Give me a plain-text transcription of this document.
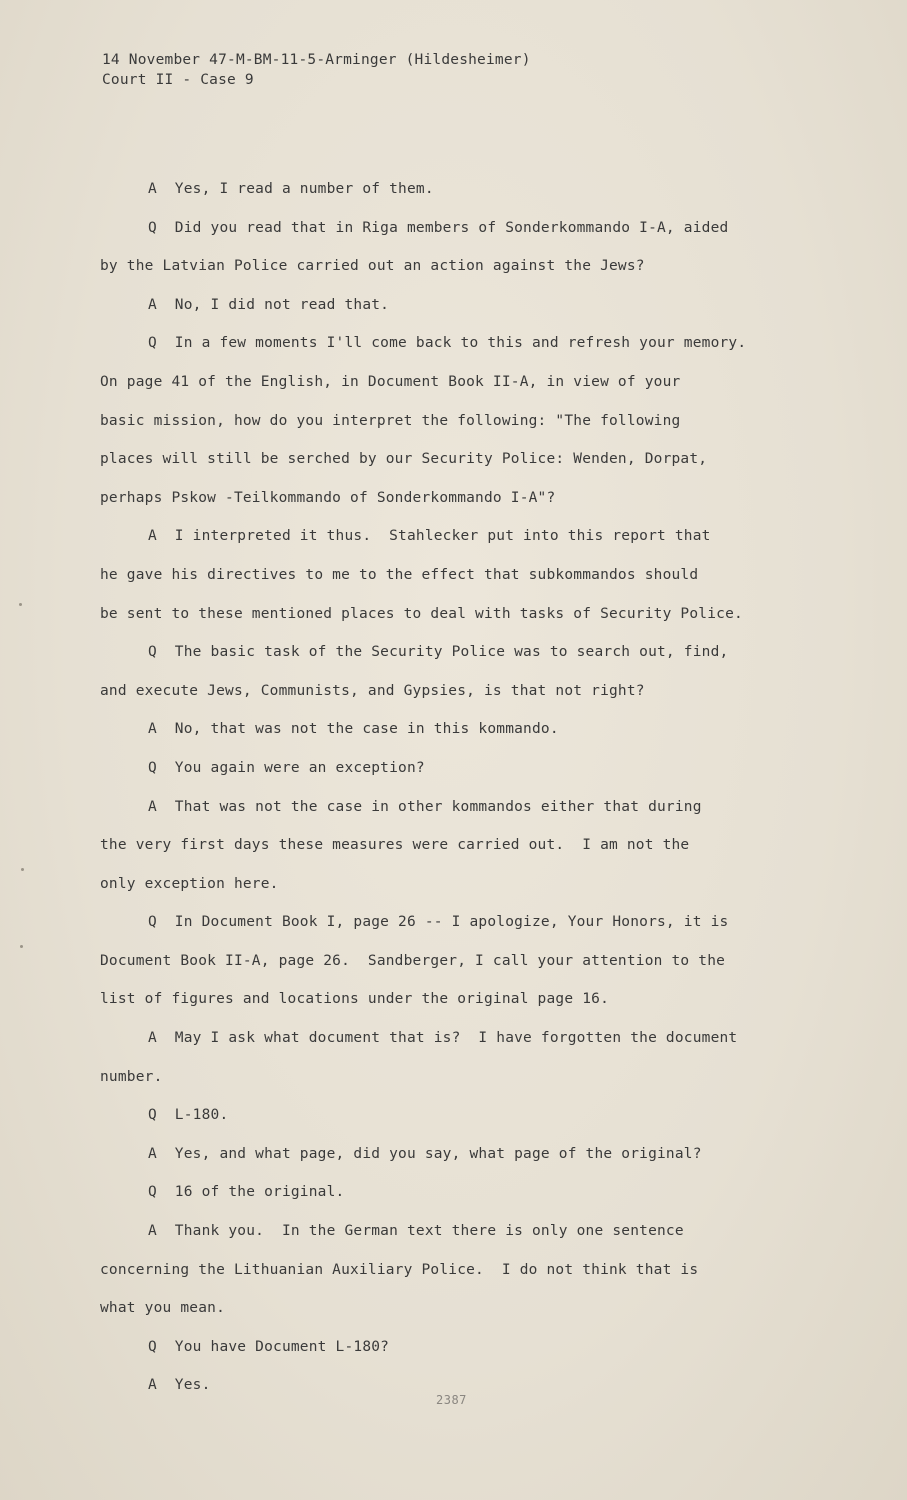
14 November 47-M-BM-11-5-Arminger (Hildesheimer)
Court II - Case 9
A  Yes, I read a number of them.
Q  Did you read that in Riga members of Sonderkommando I-A, aided
by the Latvian Police carried out an action against the Jews?
A  No, I did not read that.
Q  In a few moments I'll come back to this and refresh your memory.
On page 41 of the English, in Document Book II-A, in view of your
basic mission, how do you interpret the following: "The following
places will still be serched by our Security Police: Wenden, Dorpat,
perhaps Pskow -Teilkommando of Sonderkommando I-A"?
A  I interpreted it thus.  Stahlecker put into this report that
he gave his directives to me to the effect that subkommandos should
be sent to these mentioned places to deal with tasks of Security Police.
Q  The basic task of the Security Police was to search out, find,
and execute Jews, Communists, and Gypsies, is that not right?
A  No, that was not the case in this kommando.
Q  You again were an exception?
A  That was not the case in other kommandos either that during
the very first days these measures were carried out.  I am not the
only exception here.
Q  In Document Book I, page 26 -- I apologize, Your Honors, it is
Document Book II-A, page 26.  Sandberger, I call your attention to the
list of figures and locations under the original page 16.
A  May I ask what document that is?  I have forgotten the document
number.
Q  L-180.
A  Yes, and what page, did you say, what page of the original?
Q  16 of the original.
A  Thank you.  In the German text there is only one sentence
concerning the Lithuanian Auxiliary Police.  I do not think that is
what you mean.
Q  You have Document L-180?
A  Yes.
2387
